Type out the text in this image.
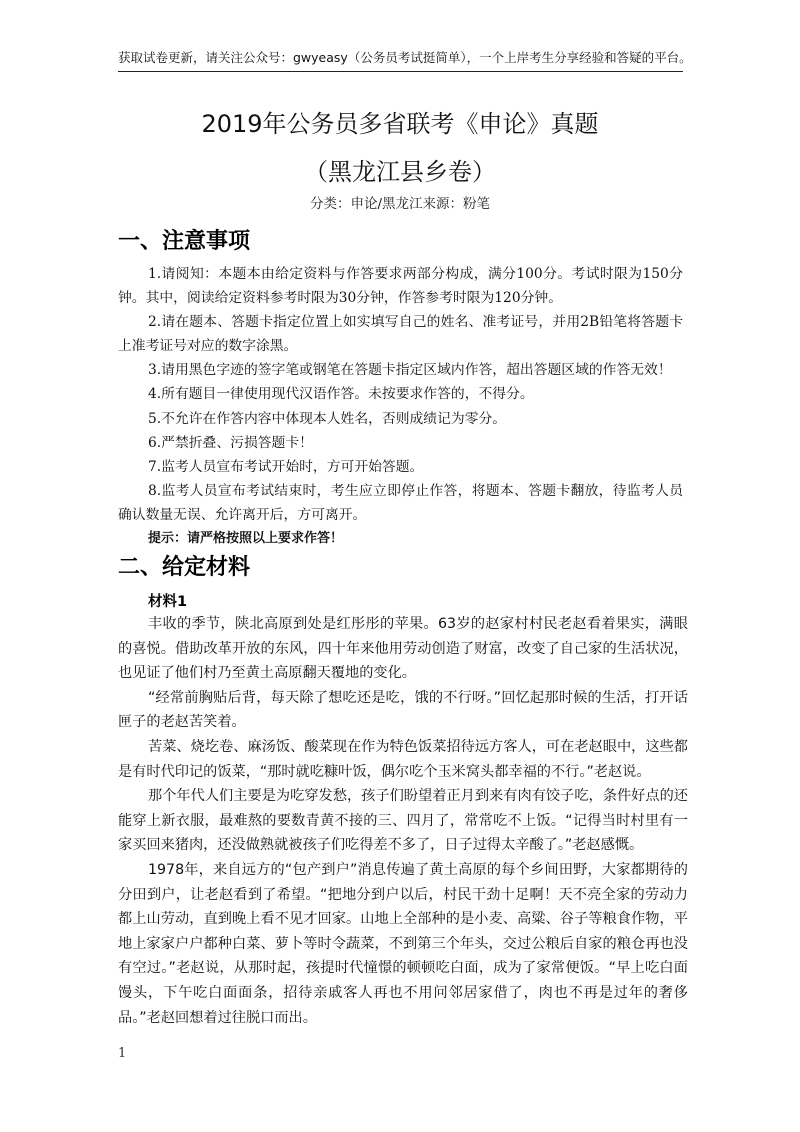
获取试卷更新，请关注公众号：gwyeasy（公务员考试挺简单），一个上岸考生分享经验和答疑的平台。
2019年公务员多省联考《申论》真题
（黑龙江县乡卷）
分类：申论/黑龙江来源：粉笔
一、注意事项

1.请阅知：本题本由给定资料与作答要求两部分构成，满分100分。考试时限为150分钟。其中，阅读给定资料参考时限为30分钟，作答参考时限为120分钟。

2.请在题本、答题卡指定位置上如实填写自己的姓名、准考证号，并用2B铅笔将答题卡上准考证号对应的数字涂黑。

3.请用黑色字迹的签字笔或钢笔在答题卡指定区域内作答，超出答题区域的作答无效！

4.所有题目一律使用现代汉语作答。未按要求作答的，不得分。

5.不允许在作答内容中体现本人姓名，否则成绩记为零分。

6.严禁折叠、污损答题卡！

7.监考人员宣布考试开始时，方可开始答题。

8.监考人员宣布考试结束时，考生应立即停止作答，将题本、答题卡翻放，待监考人员确认数量无误、允许离开后，方可离开。

提示：请严格按照以上要求作答！

二、给定材料
材料1

丰收的季节，陕北高原到处是红彤彤的苹果。63岁的赵家村村民老赵看着果实，满眼的喜悦。借助改革开放的东风，四十年来他用劳动创造了财富，改变了自己家的生活状况，也见证了他们村乃至黄土高原翻天覆地的变化。

“经常前胸贴后背，每天除了想吃还是吃，饿的不行呀。”回忆起那时候的生活，打开话匣子的老赵苦笑着。

苦菜、烧圪卷、麻汤饭、酸菜现在作为特色饭菜招待远方客人，可在老赵眼中，这些都是有时代印记的饭菜，“那时就吃糠叶饭，偶尔吃个玉米窝头都幸福的不行。”老赵说。

那个年代人们主要是为吃穿发愁，孩子们盼望着正月到来有肉有饺子吃，条件好点的还能穿上新衣服，最难熬的要数青黄不接的三、四月了，常常吃不上饭。“记得当时村里有一家买回来猪肉，还没做熟就被孩子们吃得差不多了，日子过得太辛酸了。”老赵感慨。

1978年，来自远方的“包产到户”消息传遍了黄土高原的每个乡间田野，大家都期待的分田到户，让老赵看到了希望。“把地分到户以后，村民干劲十足啊！天不亮全家的劳动力都上山劳动，直到晚上看不见才回家。山地上全部种的是小麦、高粱、谷子等粮食作物，平地上家家户户都种白菜、萝卜等时令蔬菜，不到第三个年头，交过公粮后自家的粮仓再也没有空过。”老赵说，从那时起，孩提时代憧憬的顿顿吃白面，成为了家常便饭。“早上吃白面馒头，下午吃白面面条，招待亲戚客人再也不用问邻居家借了，肉也不再是过年的奢侈品。”老赵回想着过往脱口而出。

1
